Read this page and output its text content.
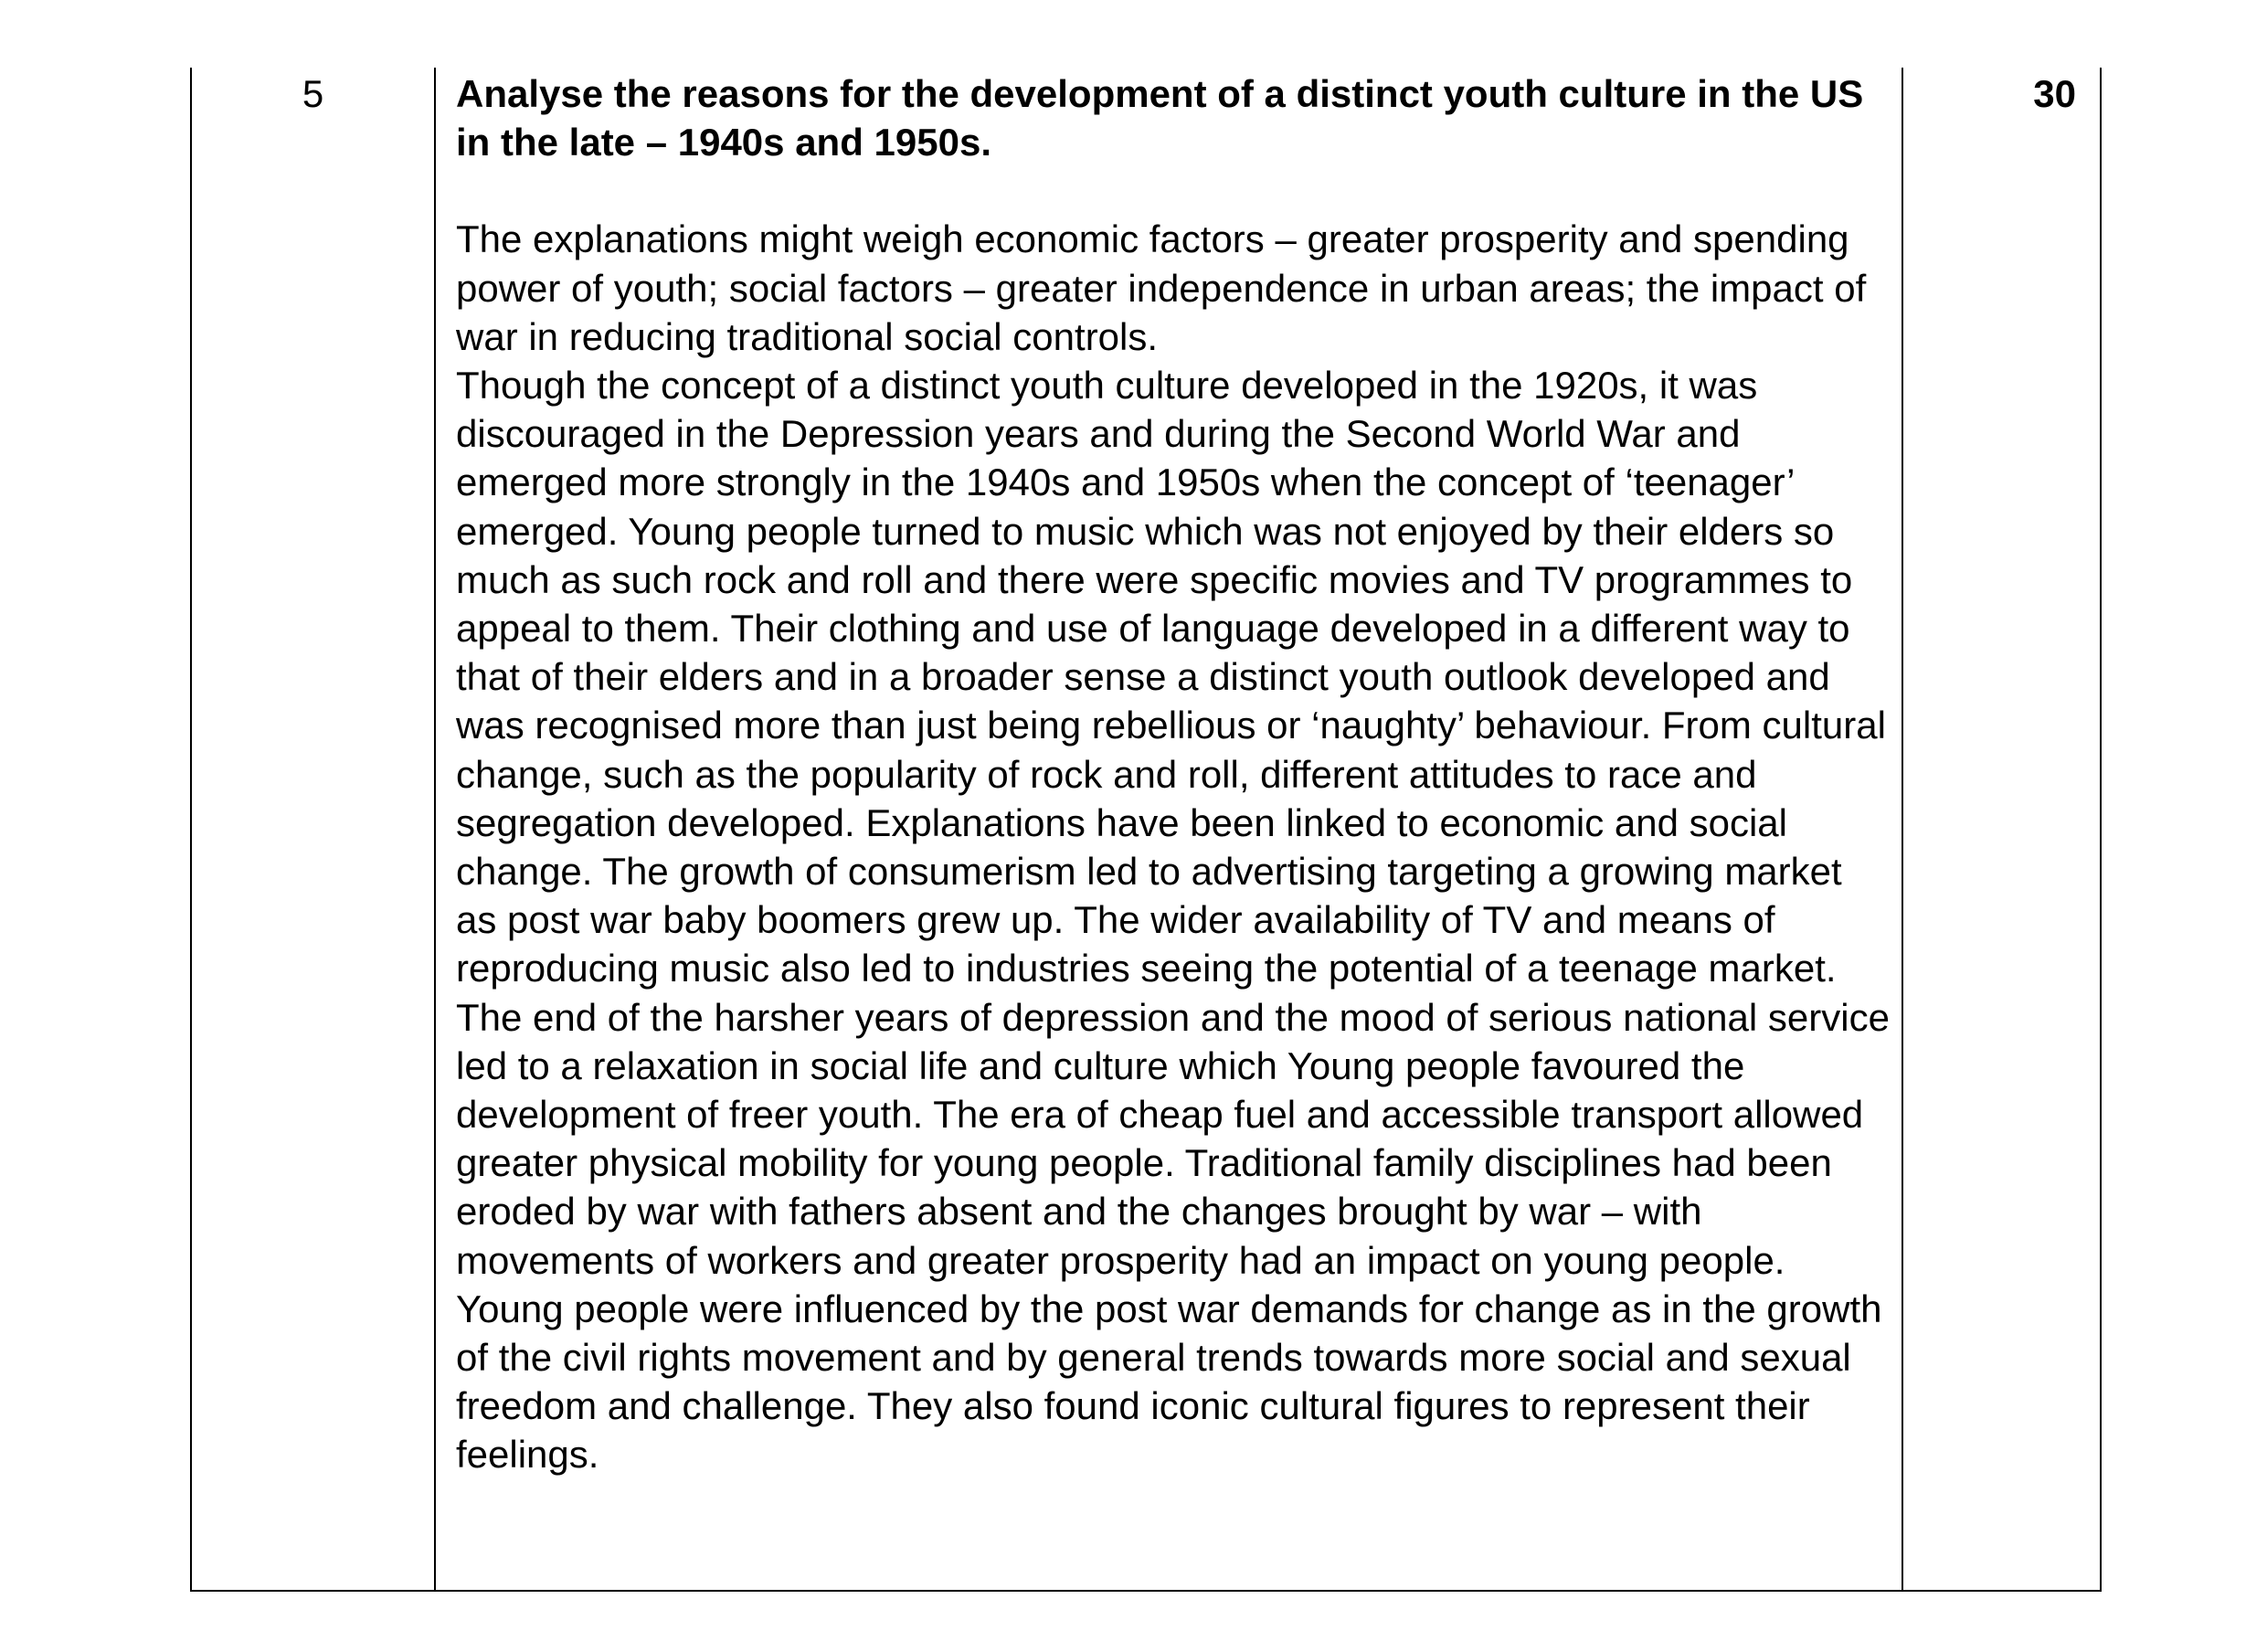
5	Analyse the reasons for the development of a distinct youth culture in the US in the late – 1940s and 1950s.

The explanations might weigh economic factors – greater prosperity and spending power of youth; social factors – greater independence in urban areas; the impact of war in reducing traditional social controls.

Though the concept of a distinct youth culture developed in the 1920s, it was discouraged in the Depression years and during the Second World War and emerged more strongly in the 1940s and 1950s when the concept of ‘teenager’ emerged. Young people turned to music which was not enjoyed by their elders so much as such rock and roll and there were specific movies and TV programmes to appeal to them. Their clothing and use of language developed in a different way to that of their elders and in a broader sense a distinct youth outlook developed and was recognised more than just being rebellious or ‘naughty’ behaviour. From cultural change, such as the popularity of rock and roll, different attitudes to race and segregation developed. Explanations have been linked to economic and social change. The growth of consumerism led to advertising targeting a growing market as post war baby boomers grew up. The wider availability of TV and means of reproducing music also led to industries seeing the potential of a teenage market. The end of the harsher years of depression and the mood of serious national service led to a relaxation in social life and culture which Young people favoured the development of freer youth. The era of cheap fuel and accessible transport allowed greater physical mobility for young people. Traditional family disciplines had been eroded by war with fathers absent and the changes brought by war – with movements of workers and greater prosperity had an impact on young people. Young people were influenced by the post war demands for change as in the growth of the civil rights movement and by general trends towards more social and sexual freedom and challenge. They also found iconic cultural figures to represent their feelings.

30
